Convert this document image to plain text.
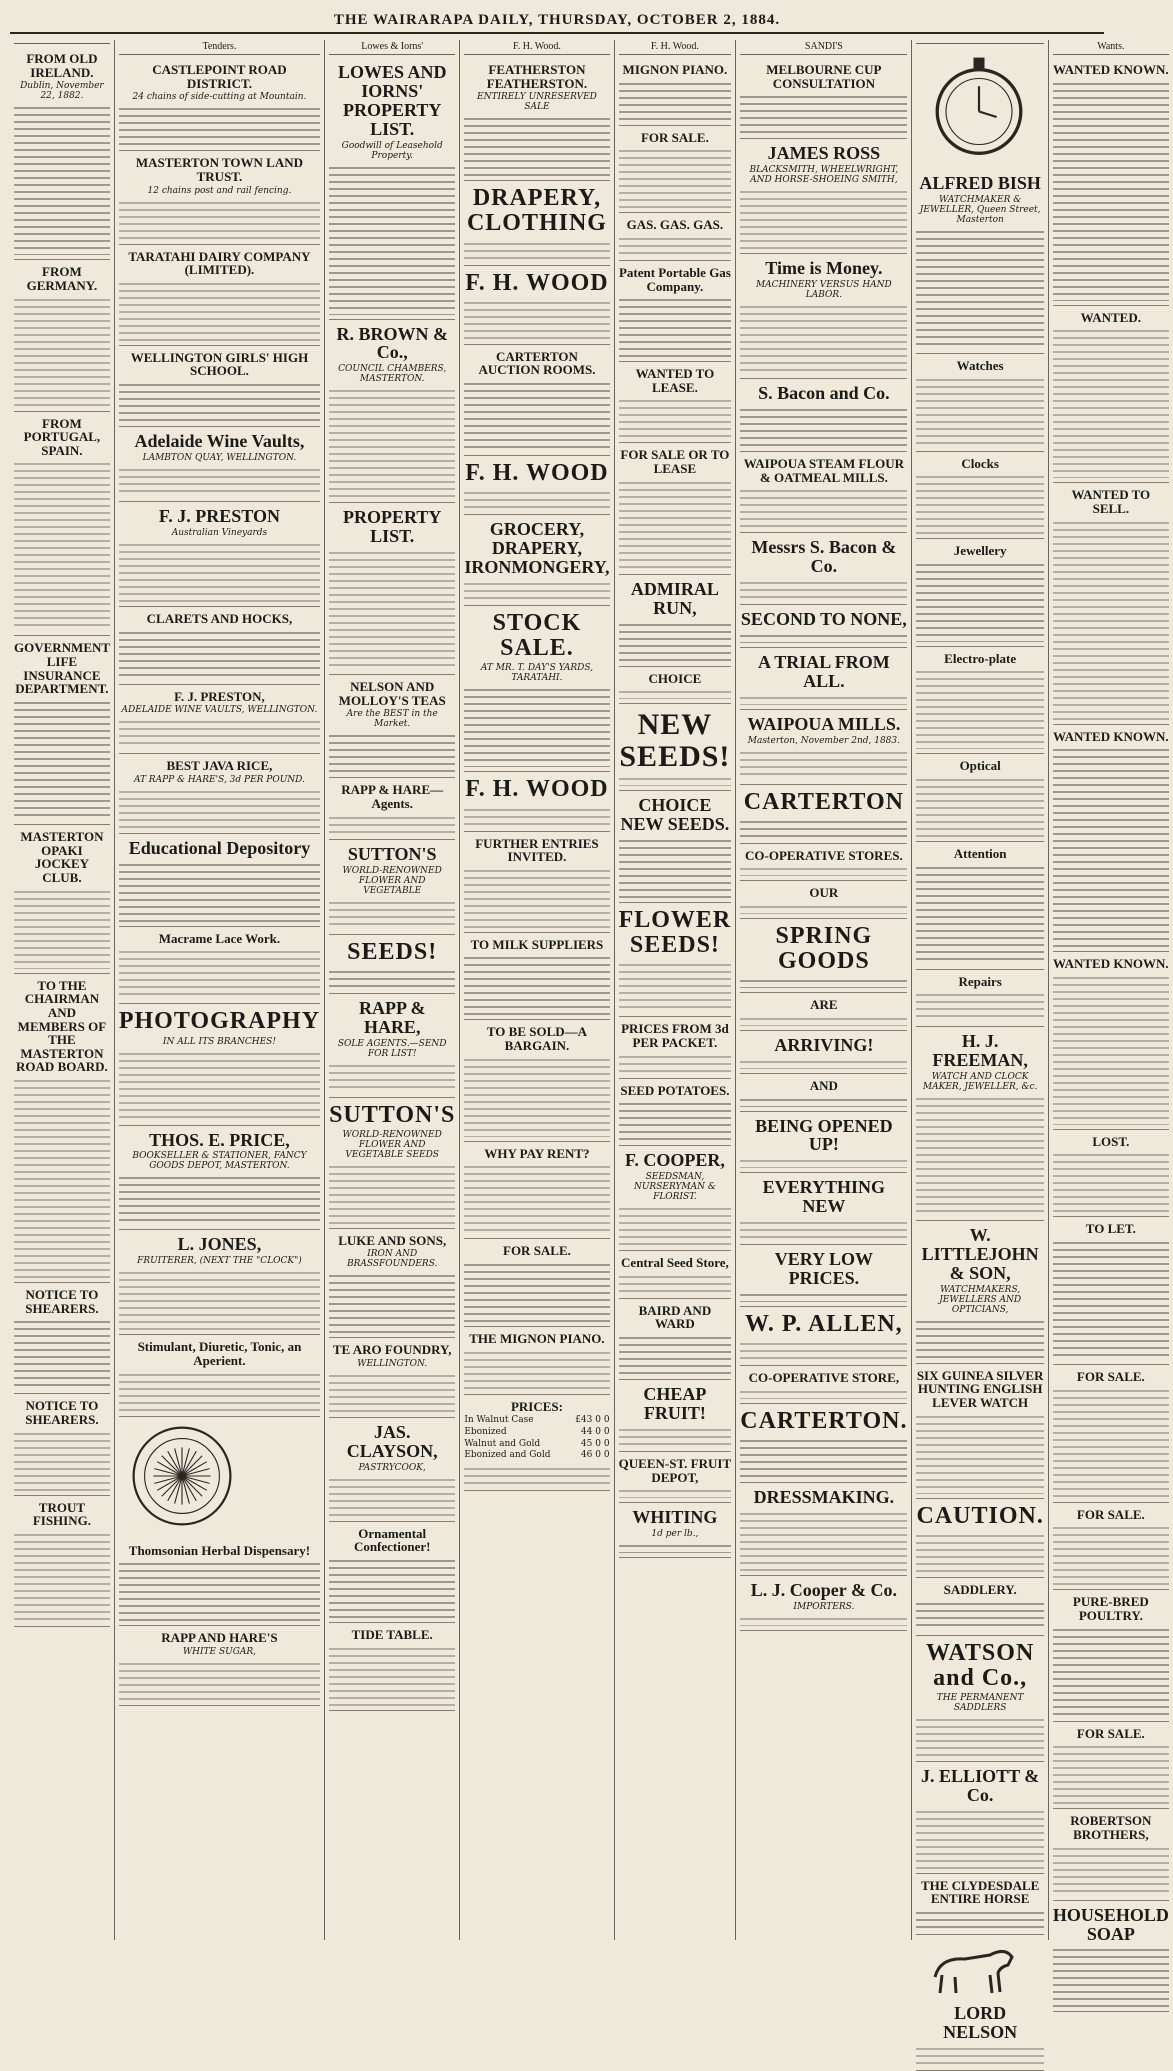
THE WAIRARAPA DAILY, THURSDAY, OCTOBER 2, 1884.
FROM OLD IRELAND.
Dublin, November 22, 1882.
FROM GERMANY.
FROM PORTUGAL, SPAIN.
GOVERNMENT LIFE INSURANCE DEPARTMENT.
MASTERTON OPAKI JOCKEY CLUB.
TO THE CHAIRMAN AND MEMBERS OF THE MASTERTON ROAD BOARD.
NOTICE TO SHEARERS.
NOTICE TO SHEARERS.
TROUT FISHING.
Tenders.
CASTLEPOINT ROAD DISTRICT.
24 chains of side-cutting at Mountain.
MASTERTON TOWN LAND TRUST.
12 chains post and rail fencing.
TARATAHI DAIRY COMPANY (LIMITED).
WELLINGTON GIRLS' HIGH SCHOOL.
Adelaide Wine Vaults,
LAMBTON QUAY, WELLINGTON.
F. J. PRESTON
Australian Vineyards
CLARETS AND HOCKS,
F. J. PRESTON,
ADELAIDE WINE VAULTS, WELLINGTON.
BEST JAVA RICE,
AT RAPP & HARE'S, 3d PER POUND.
Educational Depository
Macrame Lace Work.
PHOTOGRAPHY
IN ALL ITS BRANCHES!
THOS. E. PRICE,
BOOKSELLER & STATIONER, FANCY GOODS DEPOT, MASTERTON.
L. JONES,
FRUITERER, (NEXT THE "CLOCK")
Stimulant, Diuretic, Tonic, an Aperient.
Thomsonian Herbal Dispensary!
RAPP AND HARE'S
WHITE SUGAR,
Lowes & Iorns'
LOWES AND IORNS' PROPERTY LIST.
Goodwill of Leasehold Property.
R. BROWN & Co.,
COUNCIL CHAMBERS, MASTERTON.
PROPERTY LIST.
NELSON AND MOLLOY'S TEAS
Are the BEST in the Market.
RAPP & HARE—Agents.
SUTTON'S
WORLD-RENOWNED FLOWER AND VEGETABLE
SEEDS!
RAPP & HARE,
SOLE AGENTS.—SEND FOR LIST!
SUTTON'S
WORLD-RENOWNED FLOWER AND VEGETABLE SEEDS
LUKE AND SONS,
IRON AND BRASSFOUNDERS.
TE ARO FOUNDRY,
WELLINGTON.
JAS. CLAYSON,
PASTRYCOOK,
Ornamental Confectioner!
TIDE TABLE.
F. H. Wood.
FEATHERSTON FEATHERSTON.
ENTIRELY UNRESERVED SALE
DRAPERY, CLOTHING
F. H. WOOD
CARTERTON AUCTION ROOMS.
F. H. WOOD
GROCERY, DRAPERY, IRONMONGERY,
STOCK SALE.
AT MR. T. DAY'S YARDS, TARATAHI.
F. H. WOOD
FURTHER ENTRIES INVITED.
TO MILK SUPPLIERS
TO BE SOLD—A BARGAIN.
WHY PAY RENT?
FOR SALE.
THE MIGNON PIANO.
PRICES:
In Walnut Case	£43 0 0
Ebonized	44 0 0
Walnut and Gold	45 0 0
Ebonized and Gold	46 0 0
F. H. Wood.
MIGNON PIANO.
FOR SALE.
GAS. GAS. GAS.
Patent Portable Gas Company.
WANTED TO LEASE.
FOR SALE OR TO LEASE
ADMIRAL RUN,
CHOICE
NEW SEEDS!
CHOICE NEW SEEDS.
FLOWER SEEDS!
PRICES FROM 3d PER PACKET.
SEED POTATOES.
F. COOPER,
SEEDSMAN, NURSERYMAN & FLORIST.
Central Seed Store,
BAIRD AND WARD
CHEAP FRUIT!
QUEEN-ST. FRUIT DEPOT,
WHITING
1d per lb.,
SANDI'S
MELBOURNE CUP CONSULTATION
JAMES ROSS
BLACKSMITH, WHEELWRIGHT, AND HORSE-SHOEING SMITH,
Time is Money.
MACHINERY VERSUS HAND LABOR.
S. Bacon and Co.
WAIPOUA STEAM FLOUR & OATMEAL MILLS.
Messrs S. Bacon & Co.
SECOND TO NONE,
A TRIAL FROM ALL.
WAIPOUA MILLS.
Masterton, November 2nd, 1883.
CARTERTON
CO-OPERATIVE STORES.
OUR
SPRING GOODS
ARE
ARRIVING!
AND
BEING OPENED UP!
EVERYTHING NEW
VERY LOW PRICES.
W. P. ALLEN,
CO-OPERATIVE STORE,
CARTERTON.
DRESSMAKING.
L. J. Cooper & Co.
IMPORTERS.
ALFRED BISH
WATCHMAKER & JEWELLER, Queen Street, Masterton
Watches
Clocks
Jewellery
Electro-plate
Optical
Attention
Repairs
H. J. FREEMAN,
WATCH AND CLOCK MAKER, JEWELLER, &c.
W. LITTLEJOHN & SON,
WATCHMAKERS, JEWELLERS AND OPTICIANS,
SIX GUINEA SILVER HUNTING ENGLISH LEVER WATCH
CAUTION.
SADDLERY.
WATSON and Co.,
THE PERMANENT SADDLERS
J. ELLIOTT & Co.
THE CLYDESDALE ENTIRE HORSE
LORD NELSON
Wants.
WANTED KNOWN.
WANTED.
WANTED TO SELL.
WANTED KNOWN.
WANTED KNOWN.
LOST.
TO LET.
FOR SALE.
FOR SALE.
PURE-BRED POULTRY.
FOR SALE.
ROBERTSON BROTHERS,
HOUSEHOLD SOAP
